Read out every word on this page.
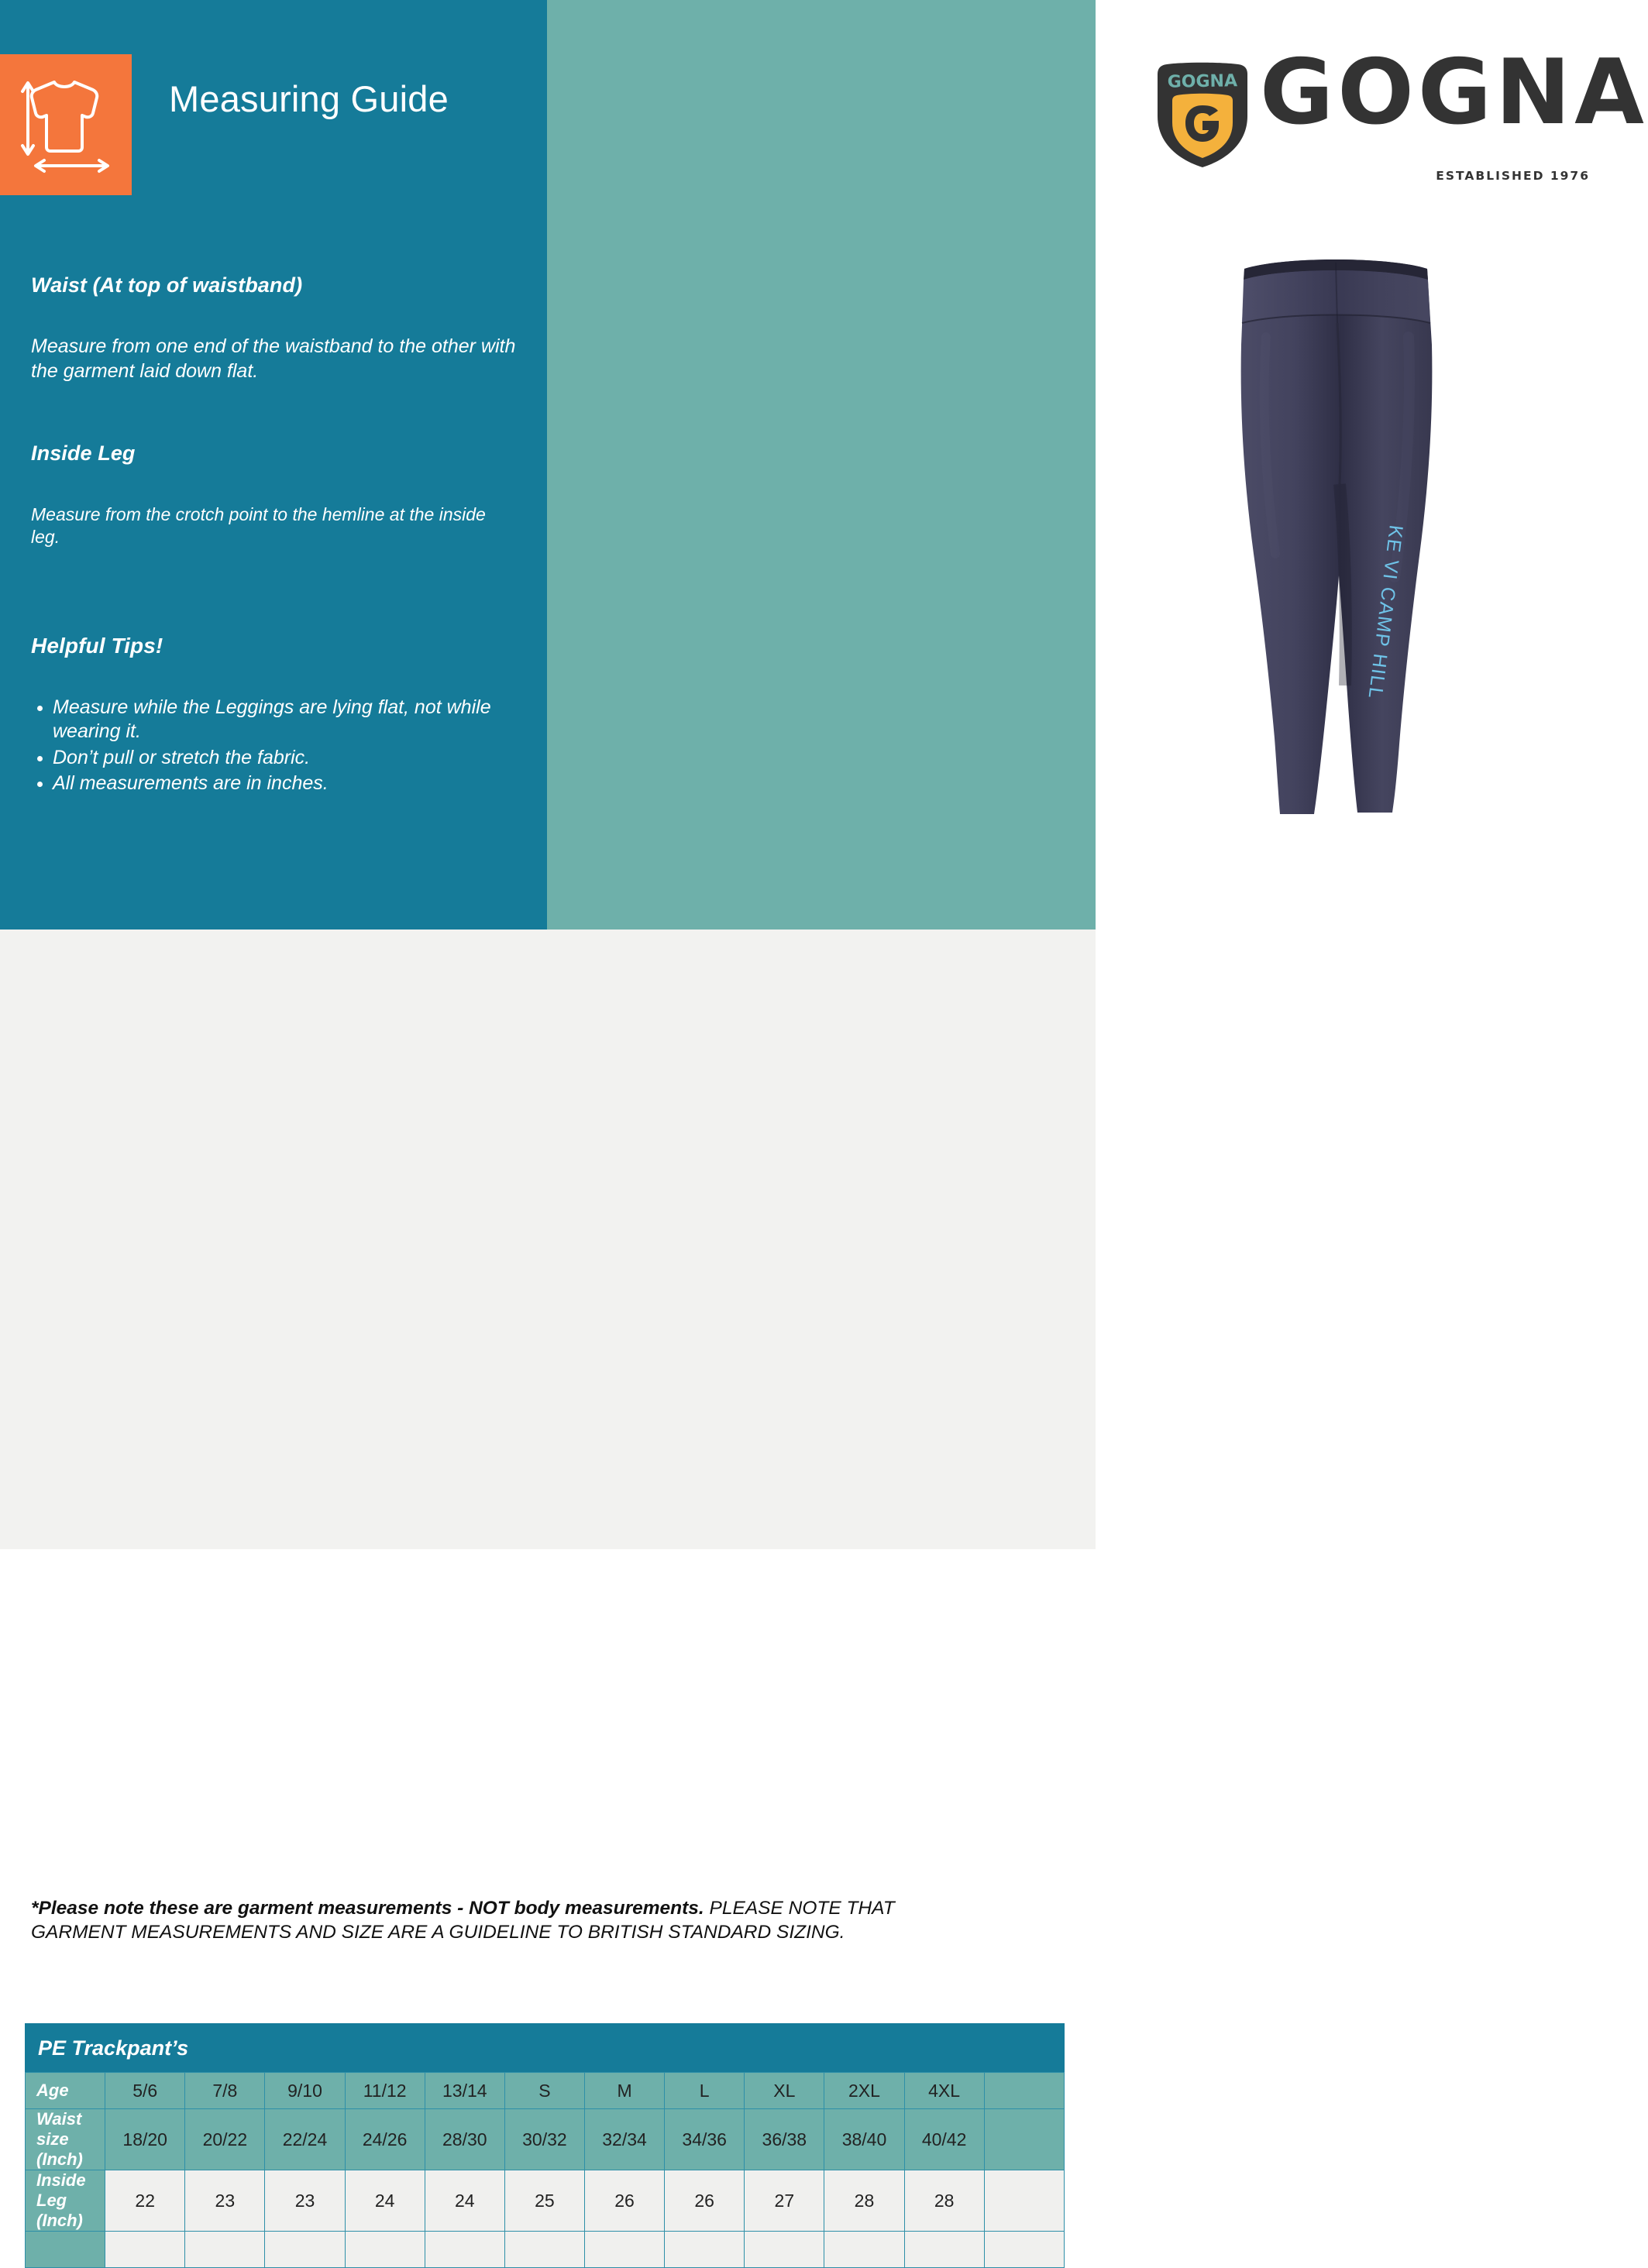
Measuring Guide
Waist (At top of waistband)
Measure from one end of the waistband to the other with the garment laid down flat.
Inside Leg
Measure from the crotch point to the hemline at the inside leg.
Helpful Tips!
• Measure while the Leggings are lying flat, not while wearing it.
• Don’t pull or stretch the fabric.
• All measurements are in inches.
GOGNA GOGNA
ESTABLISHED 1976
Waist
KE VI CAMP HILL
*Please note these are garment measurements - NOT body measurements. PLEASE NOTE THAT GARMENT MEASUREMENTS AND SIZE ARE A GUIDELINE TO BRITISH STANDARD SIZING.
PE Trackpant’s												
Age	5/6	7/8	9/10	11/12	13/14	S	M	L	XL	2XL	4XL	
Waist size (Inch)	18/20	20/22	22/24	24/26	28/30	30/32	32/34	34/36	36/38	38/40	40/42	
Inside Leg (Inch)	22	23	23	24	24	25	26	26	27	28	28	
